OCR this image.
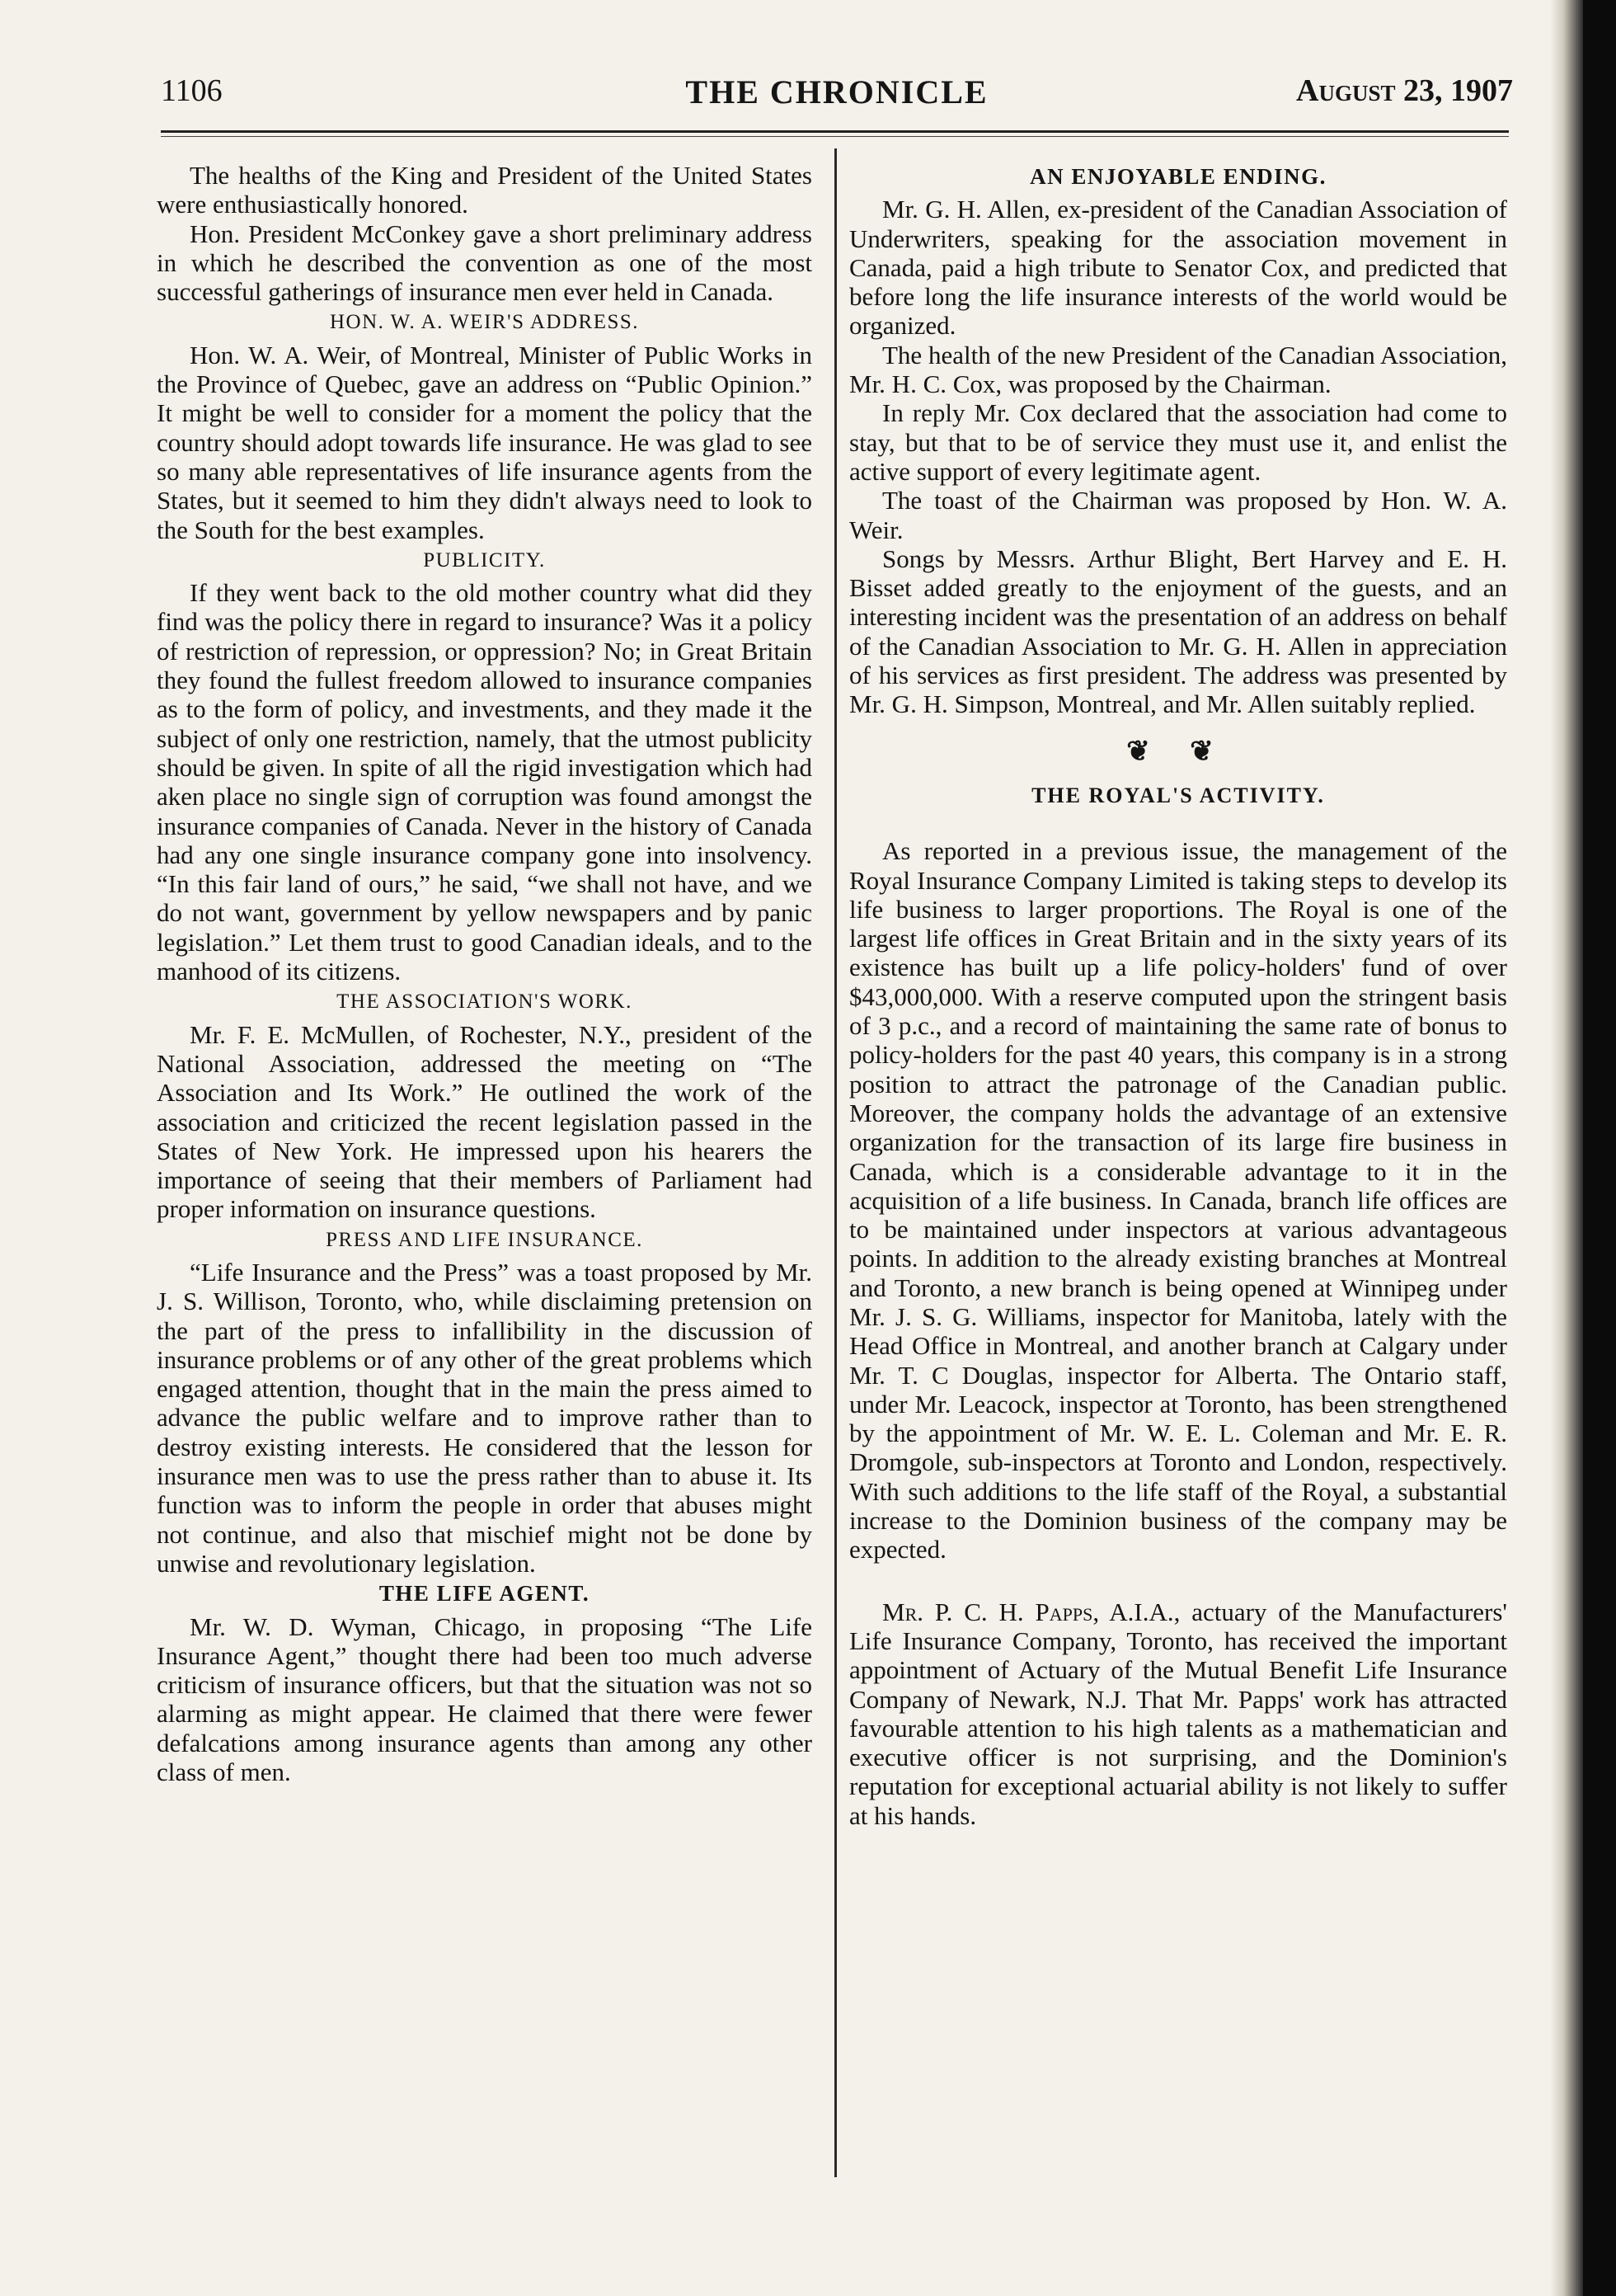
1106	THE CHRONICLE	August 23, 1907

The healths of the King and President of the United States were enthusiastically honored.

Hon. President McConkey gave a short preliminary address in which he described the convention as one of the most successful gatherings of insurance men ever held in Canada.

HON. W. A. WEIR'S ADDRESS.

Hon. W. A. Weir, of Montreal, Minister of Public Works in the Province of Quebec, gave an address on “Public Opinion.” It might be well to consider for a moment the policy that the country should adopt towards life insurance. He was glad to see so many able representatives of life insurance agents from the States, but it seemed to him they didn't always need to look to the South for the best examples.

PUBLICITY.

If they went back to the old mother country what did they find was the policy there in regard to insurance? Was it a policy of restriction of repression, or oppression? No; in Great Britain they found the fullest freedom allowed to insurance companies as to the form of policy, and investments, and they made it the subject of only one restriction, namely, that the utmost publicity should be given. In spite of all the rigid investigation which had aken place no single sign of corruption was found amongst the insurance companies of Canada. Never in the history of Canada had any one single insurance company gone into insolvency. “In this fair land of ours,” he said, “we shall not have, and we do not want, government by yellow newspapers and by panic legislation.” Let them trust to good Canadian ideals, and to the manhood of its citizens.

THE ASSOCIATION'S WORK.

Mr. F. E. McMullen, of Rochester, N.Y., president of the National Association, addressed the meeting on “The Association and Its Work.” He outlined the work of the association and criticized the recent legislation passed in the States of New York. He impressed upon his hearers the importance of seeing that their members of Parliament had proper information on insurance questions.

PRESS AND LIFE INSURANCE.

“Life Insurance and the Press” was a toast proposed by Mr. J. S. Willison, Toronto, who, while disclaiming pretension on the part of the press to infallibility in the discussion of insurance problems or of any other of the great problems which engaged attention, thought that in the main the press aimed to advance the public welfare and to improve rather than to destroy existing interests. He considered that the lesson for insurance men was to use the press rather than to abuse it. Its function was to inform the people in order that abuses might not continue, and also that mischief might not be done by unwise and revolutionary legislation.

THE LIFE AGENT.

Mr. W. D. Wyman, Chicago, in proposing “The Life Insurance Agent,” thought there had been too much adverse criticism of insurance officers, but that the situation was not so alarming as might appear. He claimed that there were fewer defalcations among insurance agents than among any other class of men.

AN ENJOYABLE ENDING.

Mr. G. H. Allen, ex-president of the Canadian Association of Underwriters, speaking for the association movement in Canada, paid a high tribute to Senator Cox, and predicted that before long the life insurance interests of the world would be organized.

The health of the new President of the Canadian Association, Mr. H. C. Cox, was proposed by the Chairman.

In reply Mr. Cox declared that the association had come to stay, but that to be of service they must use it, and enlist the active support of every legitimate agent.

The toast of the Chairman was proposed by Hon. W. A. Weir.

Songs by Messrs. Arthur Blight, Bert Harvey and E. H. Bisset added greatly to the enjoyment of the guests, and an interesting incident was the presentation of an address on behalf of the Canadian Association to Mr. G. H. Allen in appreciation of his services as first president. The address was presented by Mr. G. H. Simpson, Montreal, and Mr. Allen suitably replied.

❦ ❦
THE ROYAL'S ACTIVITY.

As reported in a previous issue, the management of the Royal Insurance Company Limited is taking steps to develop its life business to larger proportions. The Royal is one of the largest life offices in Great Britain and in the sixty years of its existence has built up a life policy-holders' fund of over $43,000,000. With a reserve computed upon the stringent basis of 3 p.c., and a record of maintaining the same rate of bonus to policy-holders for the past 40 years, this company is in a strong position to attract the patronage of the Canadian public. Moreover, the company holds the advantage of an extensive organization for the transaction of its large fire business in Canada, which is a considerable advantage to it in the acquisition of a life business. In Canada, branch life offices are to be maintained under inspectors at various advantageous points. In addition to the already existing branches at Montreal and Toronto, a new branch is being opened at Winnipeg under Mr. J. S. G. Williams, inspector for Manitoba, lately with the Head Office in Montreal, and another branch at Calgary under Mr. T. C Douglas, inspector for Alberta. The Ontario staff, under Mr. Leacock, inspector at Toronto, has been strengthened by the appointment of Mr. W. E. L. Coleman and Mr. E. R. Dromgole, sub-inspectors at Toronto and London, respectively. With such additions to the life staff of the Royal, a substantial increase to the Dominion business of the company may be expected.

Mr. P. C. H. Papps, A.I.A., actuary of the Manufacturers' Life Insurance Company, Toronto, has received the important appointment of Actuary of the Mutual Benefit Life Insurance Company of Newark, N.J. That Mr. Papps' work has attracted favourable attention to his high talents as a mathematician and executive officer is not surprising, and the Dominion's reputation for exceptional actuarial ability is not likely to suffer at his hands.
